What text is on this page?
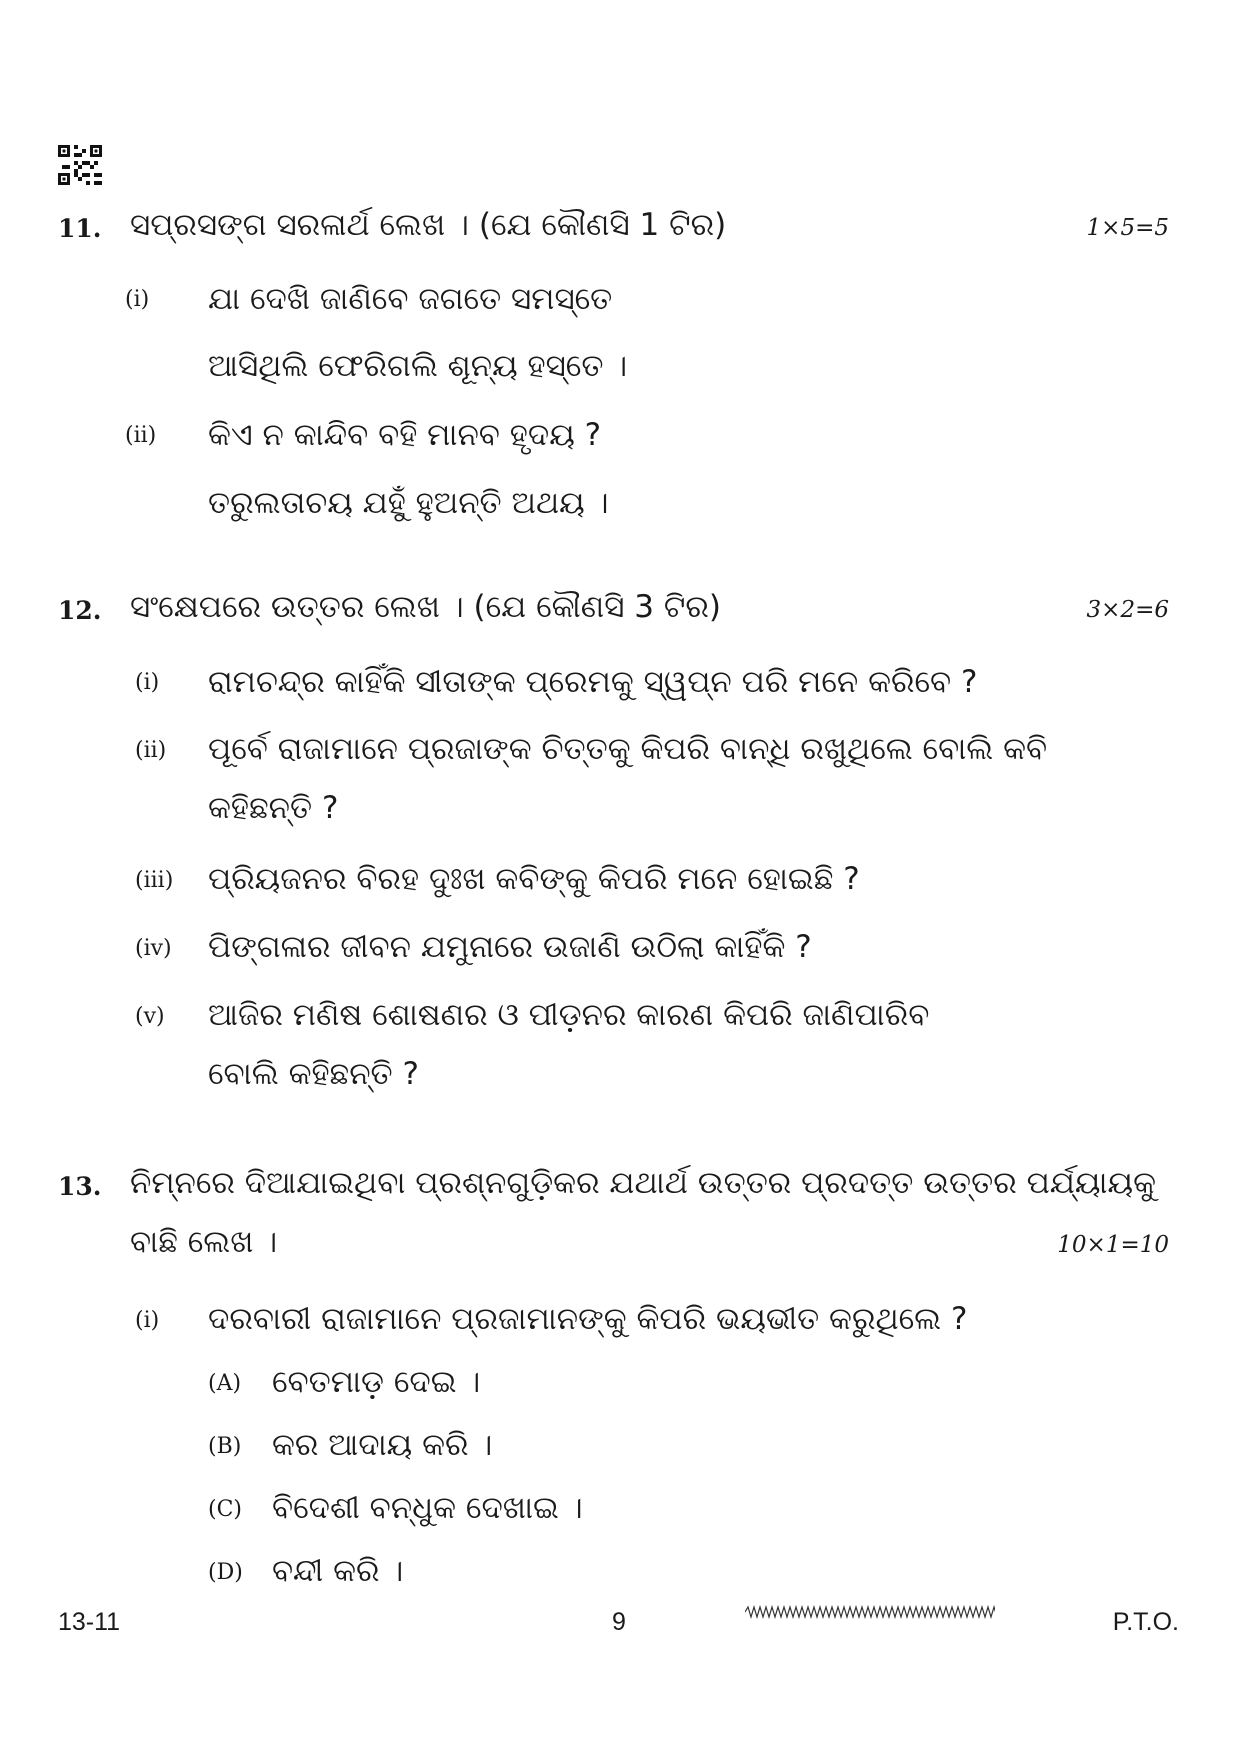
11. ସପ୍ରସଙ୍ଗ ସରଳାର୍ଥ ଲେଖ । (ଯେ କୌଣସି 1 ଟିର)	1×5=5
(i) ଯା ଦେଖି ଜାଣିବେ ଜଗତେ ସମସ୍ତେ
ଆସିଥିଲି ଫେରିଗଲି ଶୂନ୍ୟ ହସ୍ତେ ।
(ii) କିଏ ନ କାନ୍ଦିବ ବହି ମାନବ ହୃଦୟ ?
ତରୁଲତାଚୟ ଯହୁଁ ହୁଅନ୍ତି ଅଥୟ ।
12. ସଂକ୍ଷେପରେ ଉତ୍ତର ଲେଖ । (ଯେ କୌଣସି 3 ଟିର)	3×2=6
(i) ରାମଚନ୍ଦ୍ର କାହିଁକି ସୀତାଙ୍କ ପ୍ରେମକୁ ସ୍ୱପ୍ନ ପରି ମନେ କରିବେ ?
(ii) ପୂର୍ବେ ରାଜାମାନେ ପ୍ରଜାଙ୍କ ଚିତ୍ତକୁ କିପରି ବାନ୍ଧି ରଖୁଥିଲେ ବୋଲି କବି
କହିଛନ୍ତି ?
(iii) ପ୍ରିୟଜନର ବିରହ ଦୁଃଖ କବିଙ୍କୁ କିପରି ମନେ ହୋଇଛି ?
(iv) ପିଙ୍ଗଳାର ଜୀବନ ଯମୁନାରେ ଉଜାଣି ଉଠିଲା କାହିଁକି ?
(v) ଆଜିର ମଣିଷ ଶୋଷଣର ଓ ପୀଡ଼ନର କାରଣ କିପରି ଜାଣିପାରିବ
ବୋଲି କହିଛନ୍ତି ?
13. ନିମ୍ନରେ ଦିଆଯାଇଥିବା ପ୍ରଶ୍ନଗୁଡ଼ିକର ଯଥାର୍ଥ ଉତ୍ତର ପ୍ରଦତ୍ତ ଉତ୍ତର ପର୍ଯ୍ୟାୟକୁ
ବାଛି ଲେଖ ।	10×1=10
(i) ଦରବାରୀ ରାଜାମାନେ ପ୍ରଜାମାନଙ୍କୁ କିପରି ଭୟଭୀତ କରୁଥିଲେ ?
(A) ବେତମାଡ଼ ଦେଇ ।
(B) କର ଆଦାୟ କରି ।
(C) ବିଦେଶୀ ବନ୍ଧୁକ ଦେଖାଇ ।
(D) ବନ୍ଦୀ କରି ।
13-11	9	P.T.O.
